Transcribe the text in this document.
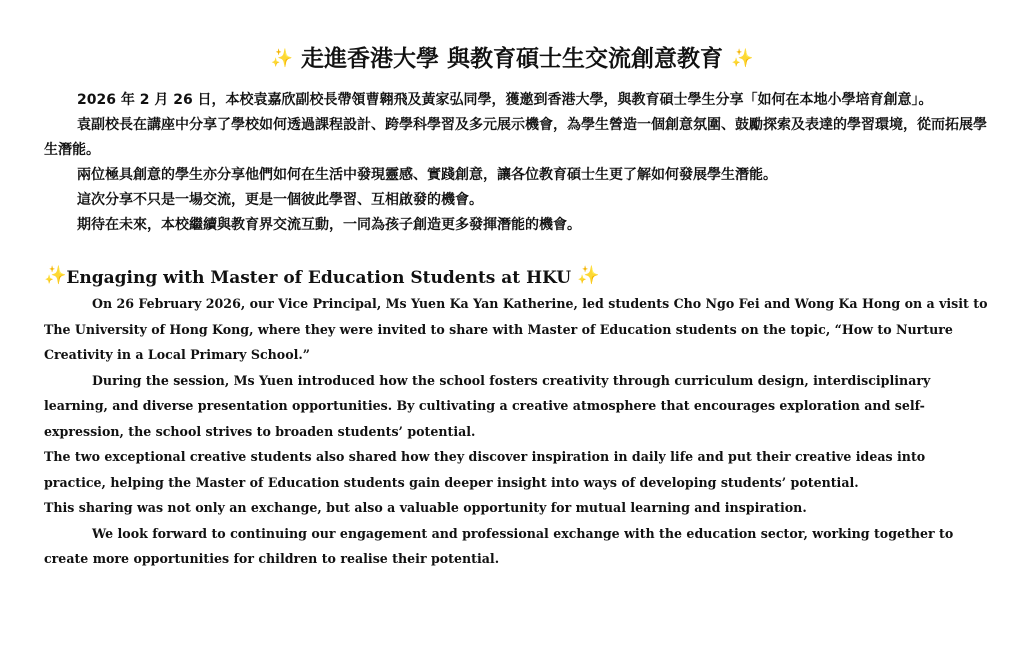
✨ 走進香港大學 與教育碩士生交流創意教育 ✨

2026 年 2 月 26 日，本校袁嘉欣副校長帶領曹翱飛及黃家弘同學，獲邀到香港大學，與教育碩士學生分享「如何在本地小學培育創意」。

袁副校長在講座中分享了學校如何透過課程設計、跨學科學習及多元展示機會，為學生營造一個創意氛圍、鼓勵探索及表達的學習環境，從而拓展學生潛能。

兩位極具創意的學生亦分享他們如何在生活中發現靈感、實踐創意，讓各位教育碩士生更了解如何發展學生潛能。

這次分享不只是一場交流，更是一個彼此學習、互相啟發的機會。

期待在未來，本校繼續與教育界交流互動，一同為孩子創造更多發揮潛能的機會。

✨Engaging with Master of Education Students at HKU ✨

On 26 February 2026, our Vice Principal, Ms Yuen Ka Yan Katherine, led students Cho Ngo Fei and Wong Ka Hong on a visit to The University of Hong Kong, where they were invited to share with Master of Education students on the topic, “How to Nurture Creativity in a Local Primary School.”

During the session, Ms Yuen introduced how the school fosters creativity through curriculum design, interdisciplinary learning, and diverse presentation opportunities. By cultivating a creative atmosphere that encourages exploration and self-expression, the school strives to broaden students’ potential.

The two exceptional creative students also shared how they discover inspiration in daily life and put their creative ideas into practice, helping the Master of Education students gain deeper insight into ways of developing students’ potential.

This sharing was not only an exchange, but also a valuable opportunity for mutual learning and inspiration.

We look forward to continuing our engagement and professional exchange with the education sector, working together to create more opportunities for children to realise their potential.
